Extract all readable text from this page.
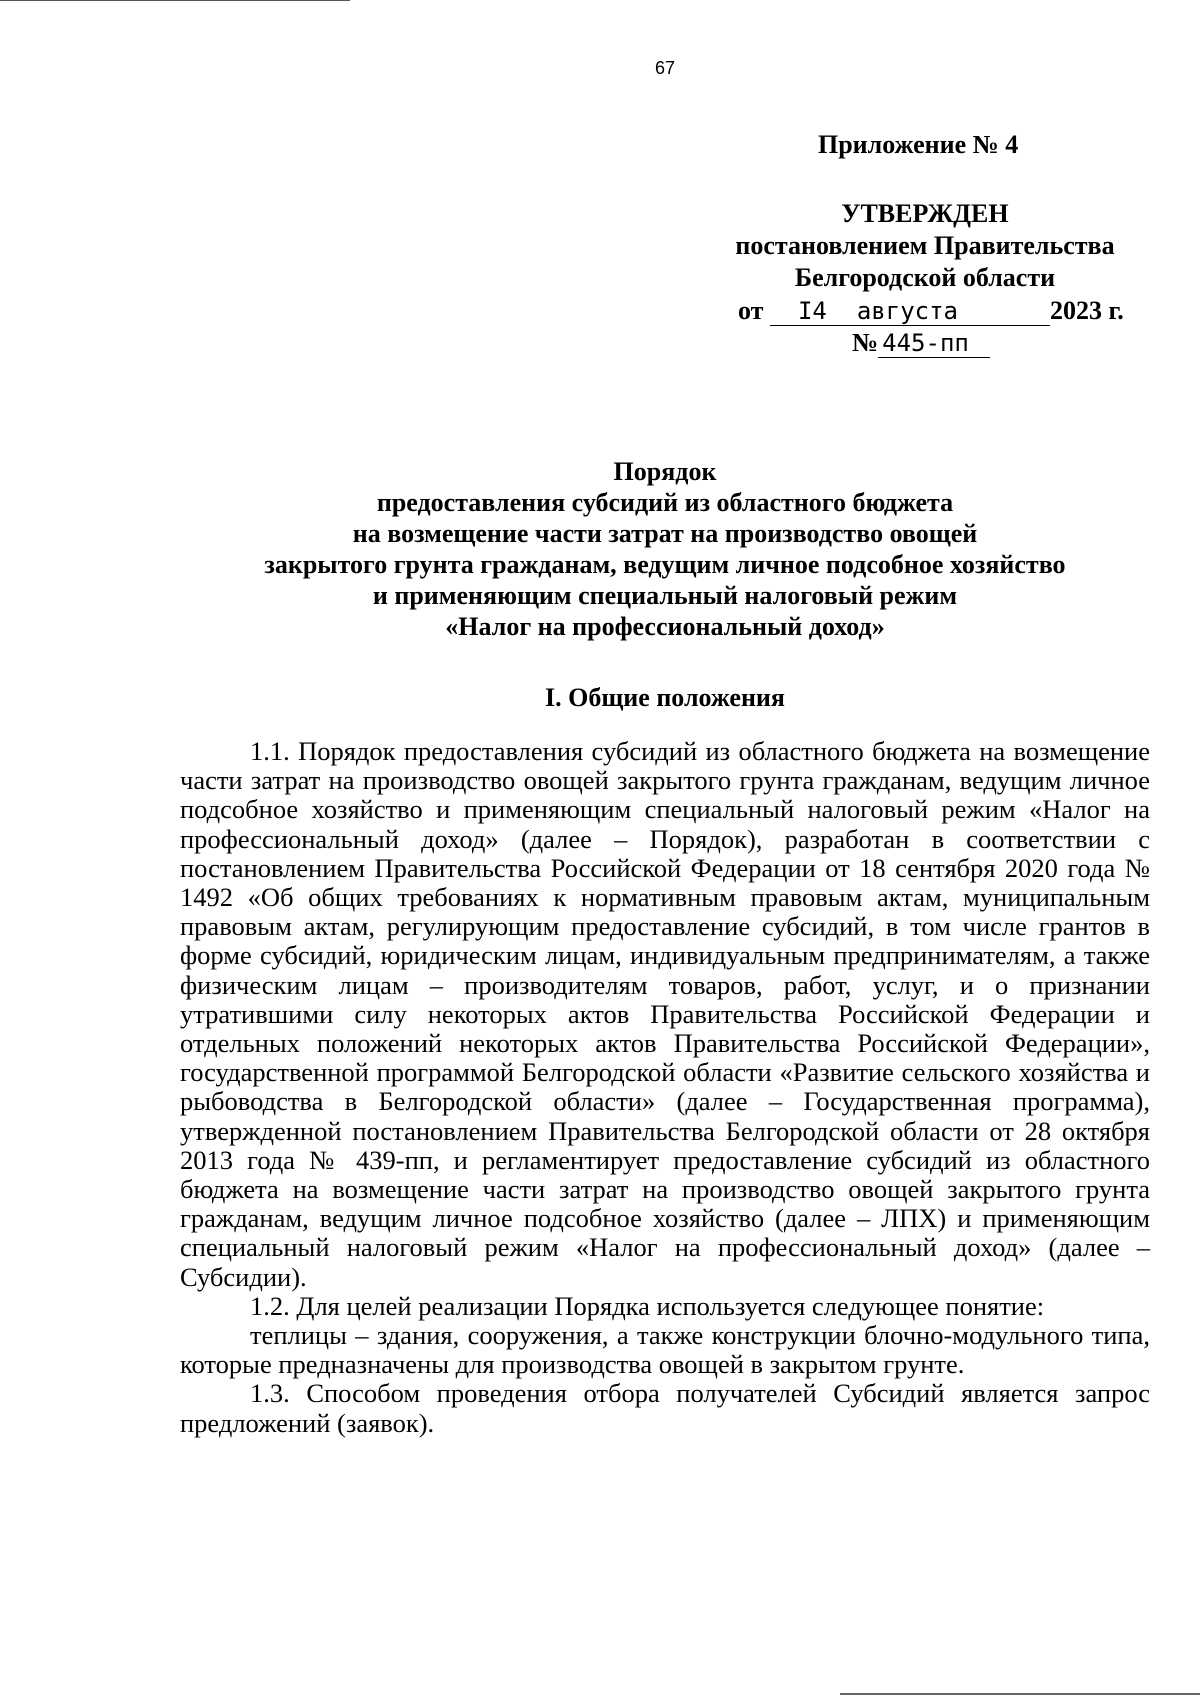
67
Приложение № 4
УТВЕРЖДЕН
постановлением Правительства
Белгородской области
от I4 августа	2023 г.
№ 445-пп
Порядок
предоставления субсидий из областного бюджета
на возмещение части затрат на производство овощей
закрытого грунта гражданам, ведущим личное подсобное хозяйство
и применяющим специальный налоговый режим
«Налог на профессиональный доход»
I. Общие положения

1.1. Порядок предоставления субсидий из областного бюджета на возмещение части затрат на производство овощей закрытого грунта гражданам, ведущим личное подсобное хозяйство и применяющим специальный налоговый режим «Налог на профессиональный доход» (далее – Порядок), разработан в соответствии с постановлением Правительства Российской Федерации от 18 сентября 2020 года № 1492 «Об общих требованиях к нормативным правовым актам, муниципальным правовым актам, регулирующим предоставление субсидий, в том числе грантов в форме субсидий, юридическим лицам, индивидуальным предпринимателям, а также физическим лицам – производителям товаров, работ, услуг, и о признании утратившими силу некоторых актов Правительства Российской Федерации и отдельных положений некоторых актов Правительства Российской Федерации», государственной программой Белгородской области «Развитие сельского хозяйства и рыбоводства в Белгородской области» (далее – Государственная программа), утвержденной постановлением Правительства Белгородской области от 28 октября 2013 года № 439-пп, и регламентирует предоставление субсидий из областного бюджета на возмещение части затрат на производство овощей закрытого грунта гражданам, ведущим личное подсобное хозяйство (далее – ЛПХ) и применяющим специальный налоговый режим «Налог на профессиональный доход» (далее – Субсидии).

1.2. Для целей реализации Порядка используется следующее понятие:

теплицы – здания, сооружения, а также конструкции блочно-модульного типа, которые предназначены для производства овощей в закрытом грунте.

1.3. Способом проведения отбора получателей Субсидий является запрос предложений (заявок).
